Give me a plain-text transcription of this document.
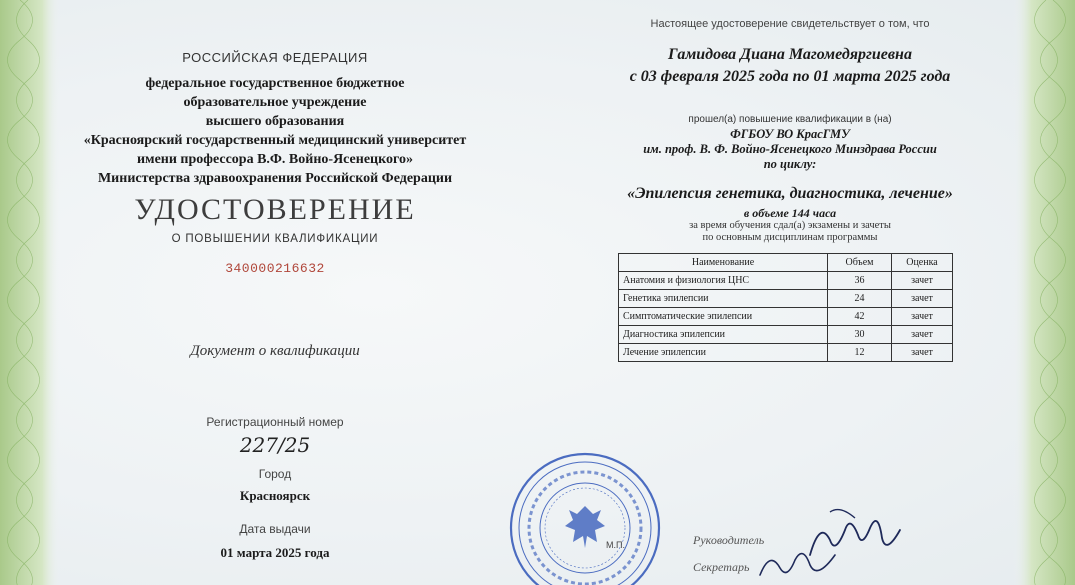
РОССИЙСКАЯ ФЕДЕРАЦИЯ
федеральное государственное бюджетное
образовательное учреждение
высшего образования
«Красноярский государственный медицинский университет
имени профессора В.Ф. Войно-Ясенецкого»
Министерства здравоохранения Российской Федерации
УДОСТОВЕРЕНИЕ
О ПОВЫШЕНИИ КВАЛИФИКАЦИИ
340000216632
Документ о квалификации
Регистрационный номер
227/25
Город
Красноярск
Дата выдачи
01 марта 2025 года
Настоящее удостоверение свидетельствует о том, что
Гамидова Диана Магомедяргиевна
с 03 февраля 2025 года по 01 марта 2025 года
прошел(а) повышение квалификации в (на)
ФГБОУ ВО КрасГМУ
им. проф. В. Ф. Войно-Ясенецкого Минздрава России
по циклу:
«Эпилепсия генетика, диагностика, лечение»
в объеме 144 часа
за время обучения сдал(а) экзамены и зачеты
по основным дисциплинам программы
Наименование	Объем	Оценка
Анатомия и физиология ЦНС	36	зачет
Генетика эпилепсии	24	зачет
Симптоматические эпилепсии	42	зачет
Диагностика эпилепсии	30	зачет
Лечение эпилепсии	12	зачет
М.П.	Руководитель
Секретарь
